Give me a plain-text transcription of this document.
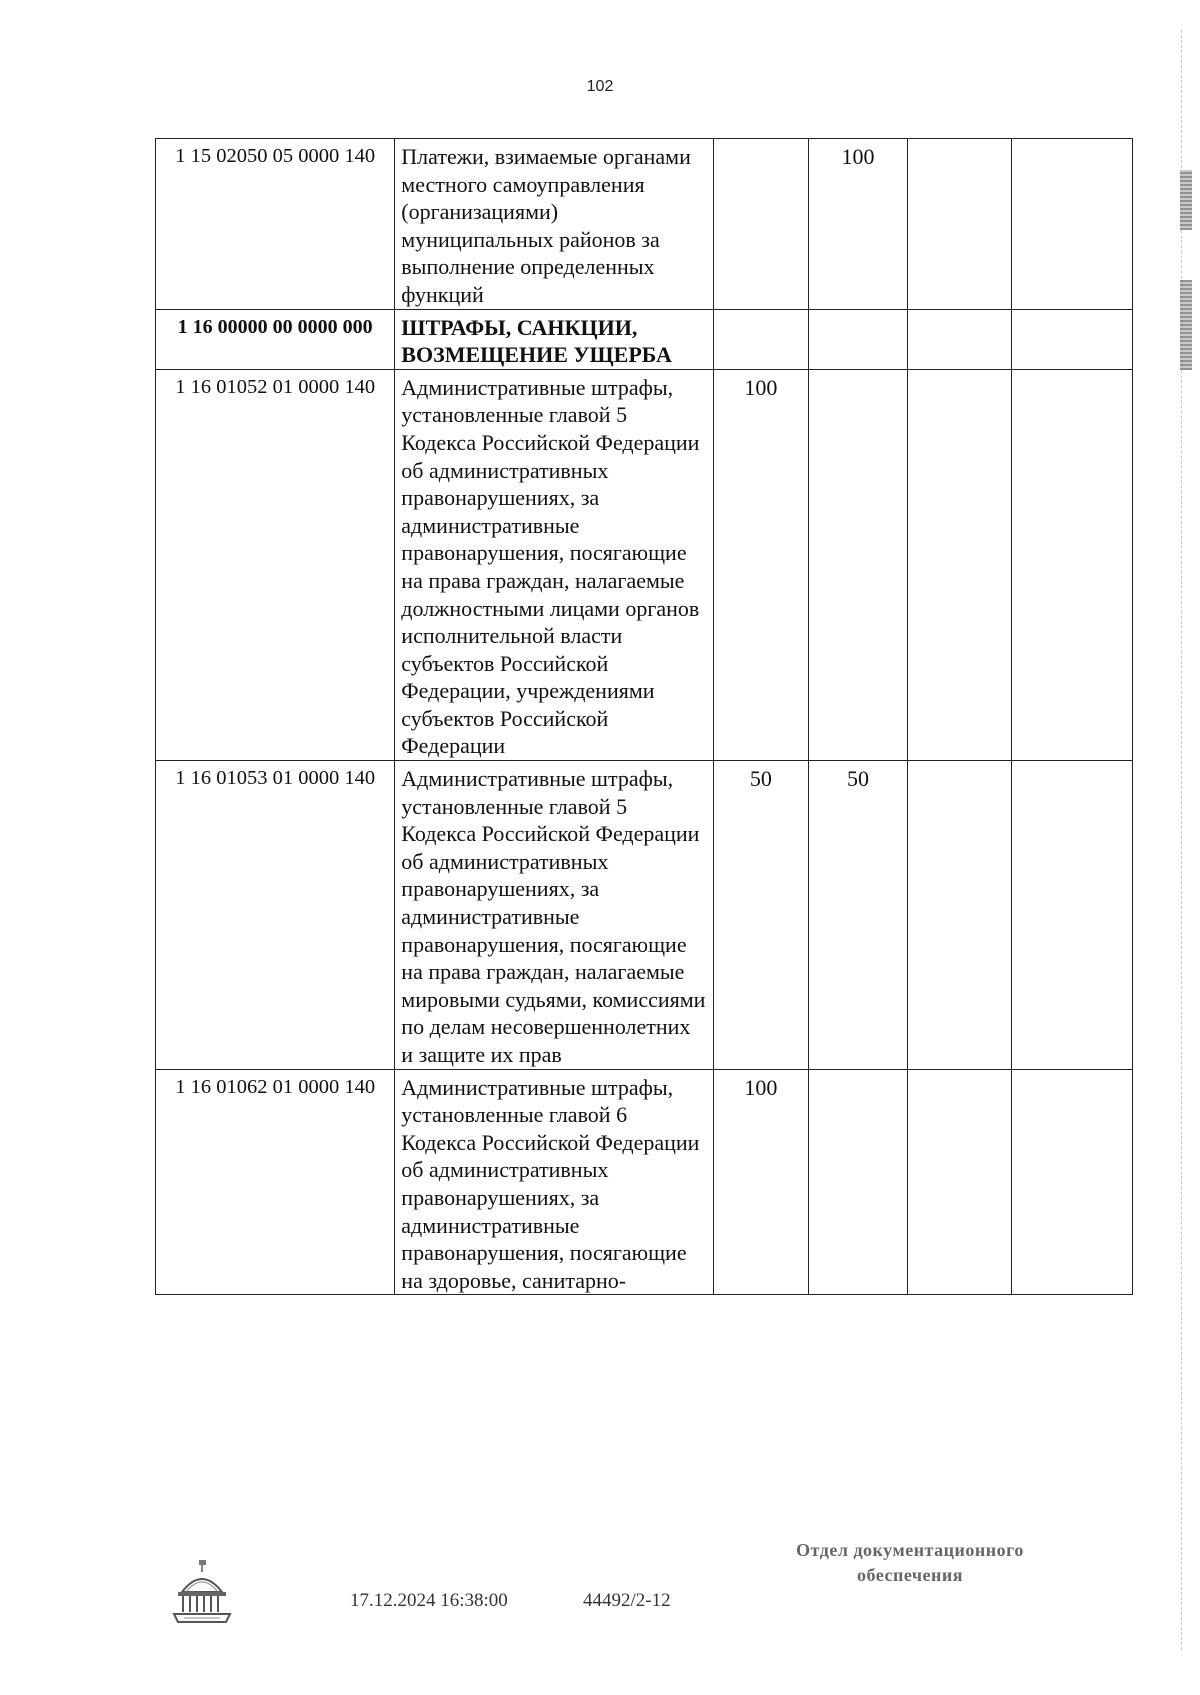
102
1 15 02050 05 0000 140	Платежи, взимаемые органами местного самоуправления (организациями) муниципальных районов за выполнение определенных функций		100		
1 16 00000 00 0000 000	ШТРАФЫ, САНКЦИИ, ВОЗМЕЩЕНИЕ УЩЕРБА				
1 16 01052 01 0000 140	Административные штрафы, установленные главой 5 Кодекса Российской Федерации об административных правонарушениях, за административные правонарушения, посягающие на права граждан, налагаемые должностными лицами органов исполнительной власти субъектов Российской Федерации, учреждениями субъектов Российской Федерации	100			
1 16 01053 01 0000 140	Административные штрафы, установленные главой 5 Кодекса Российской Федерации об административных правонарушениях, за административные правонарушения, посягающие на права граждан, налагаемые мировыми судьями, комиссиями по делам несовершеннолетних и защите их прав	50	50		
1 16 01062 01 0000 140	Административные штрафы, установленные главой 6 Кодекса Российской Федерации об административных правонарушениях, за административные правонарушения, посягающие на здоровье, санитарно-	100			
17.12.2024 16:38:00	44492/2-12
Отдел документационного обеспечения
